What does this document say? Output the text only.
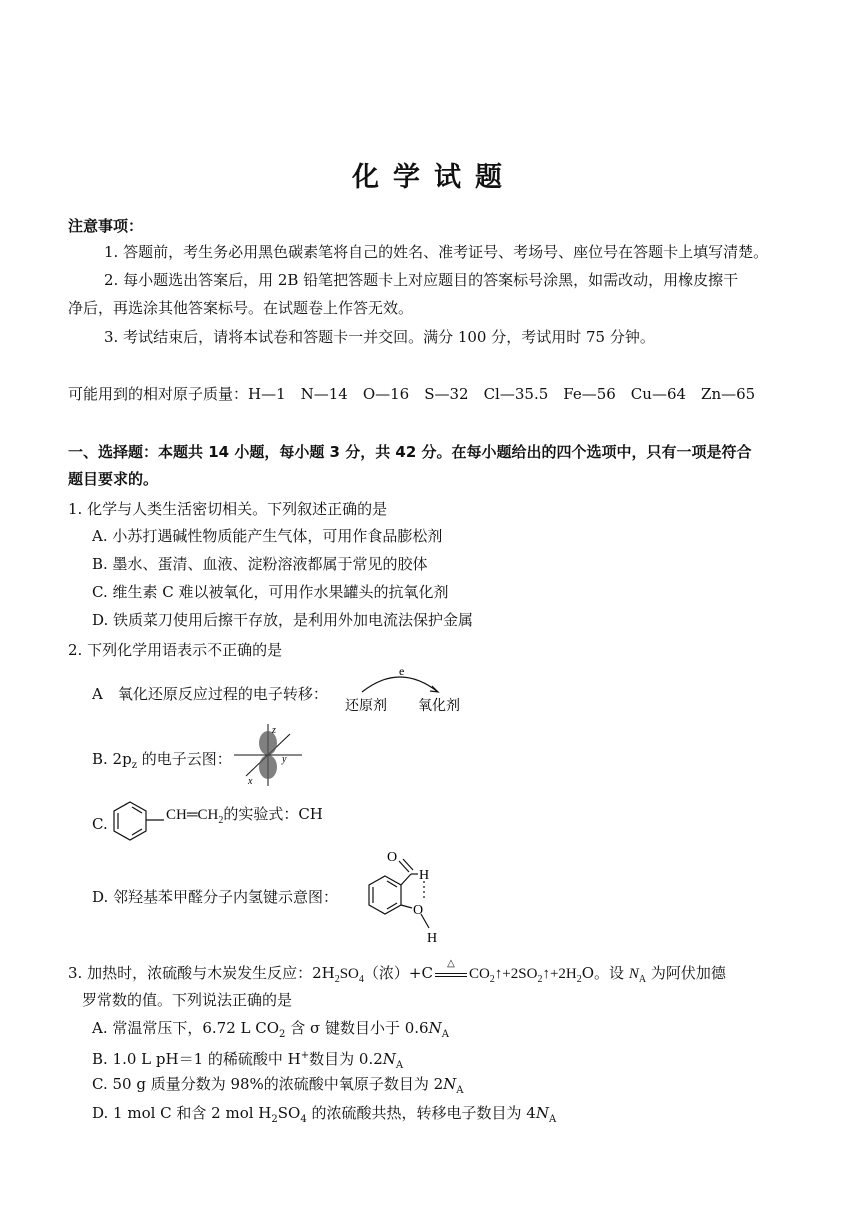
化学试题
注意事项：
1. 答题前，考生务必用黑色碳素笔将自己的姓名、准考证号、考场号、座位号在答题卡上填写清楚。
2. 每小题选出答案后，用 2B 铅笔把答题卡上对应题目的答案标号涂黑，如需改动，用橡皮擦干
净后，再选涂其他答案标号。在试题卷上作答无效。
3. 考试结束后，请将本试卷和答题卡一并交回。满分 100 分，考试用时 75 分钟。
可能用到的相对原子质量：H—1　N—14　O—16　S—32　Cl—35.5　Fe—56　Cu—64　Zn—65
一、选择题：本题共 14 小题，每小题 3 分，共 42 分。在每小题给出的四个选项中，只有一项是符合
题目要求的。
1. 化学与人类生活密切相关。下列叙述正确的是
A. 小苏打遇碱性物质能产生气体，可用作食品膨松剂
B. 墨水、蛋清、血液、淀粉溶液都属于常见的胶体
C. 维生素 C 难以被氧化，可用作水果罐头的抗氧化剂
D. 铁质菜刀使用后擦干存放，是利用外加电流法保护金属
2. 下列化学用语表示不正确的是
A　氧化还原反应过程的电子转移：
e
还原剂 氧化剂
B. $2p_z$ 的电子云图：
z
y
x
C.	$CH═CH_2$的实验式：CH
D. 邻羟基苯甲醛分子内氢键示意图：
O
H
O
H
3. 加热时，浓硫酸与木炭发生反应：$2H_2SO_4$（浓）+C
△
$CO_2↑+2SO_2↑+2H_2O$。设 $N_A$ 为阿伏加德
罗常数的值。下列说法正确的是
A. 常温常压下，6.72 L $CO_2$ 含 σ 键数目小于 $0.6N_A$
B. 1.0 L pH＝1 的稀硫酸中 H+数目为 $0.2N_A$
C. 50 g 质量分数为 98%的浓硫酸中氧原子数目为 $2N_A$
D. 1 mol C 和含 2 mol $H_2SO_4$ 的浓硫酸共热，转移电子数目为 $4N_A$
